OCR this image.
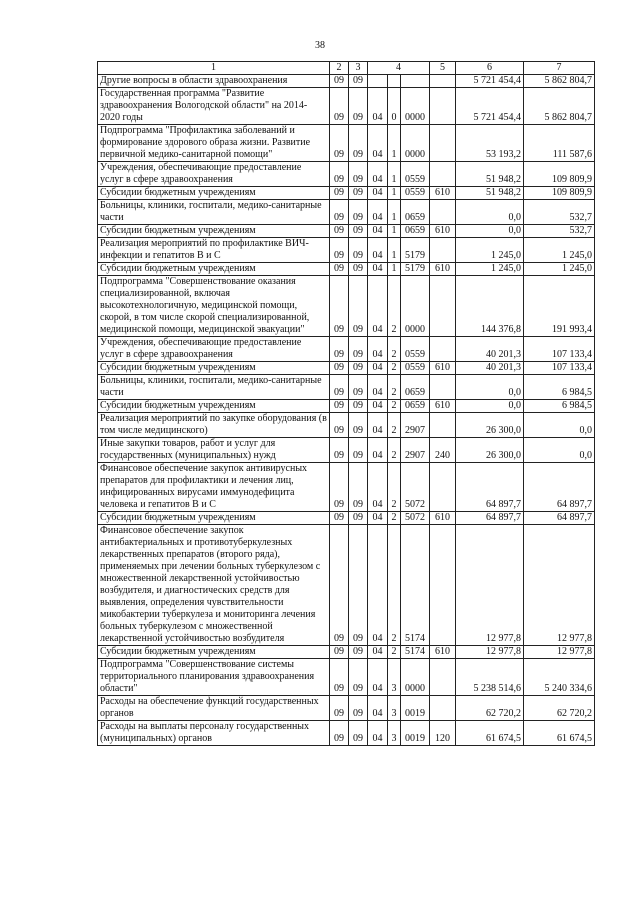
38
1	2	3	4			5	6	7
Другие вопросы в области здравоохранения	09	09					5 721 454,4	5 862 804,7
Государственная программа "Развитие здравоохранения Вологодской области" на 2014-2020 годы	09	09	04	0	0000		5 721 454,4	5 862 804,7
Подпрограмма "Профилактика заболеваний и формирование здорового образа жизни. Развитие первичной медико-санитарной помощи"	09	09	04	1	0000		53 193,2	111 587,6
Учреждения, обеспечивающие предоставление услуг в сфере здравоохранения	09	09	04	1	0559		51 948,2	109 809,9
Субсидии бюджетным учреждениям	09	09	04	1	0559	610	51 948,2	109 809,9
Больницы, клиники, госпитали, медико-санитарные части	09	09	04	1	0659		0,0	532,7
Субсидии бюджетным учреждениям	09	09	04	1	0659	610	0,0	532,7
Реализация мероприятий по профилактике ВИЧ-инфекции и гепатитов В и С	09	09	04	1	5179		1 245,0	1 245,0
Субсидии бюджетным учреждениям	09	09	04	1	5179	610	1 245,0	1 245,0
Подпрограмма "Совершенствование оказания специализированной, включая высокотехнологичную, медицинской помощи, скорой, в том числе скорой специализированной, медицинской помощи, медицинской эвакуации"	09	09	04	2	0000		144 376,8	191 993,4
Учреждения, обеспечивающие предоставление услуг в сфере здравоохранения	09	09	04	2	0559		40 201,3	107 133,4
Субсидии бюджетным учреждениям	09	09	04	2	0559	610	40 201,3	107 133,4
Больницы, клиники, госпитали, медико-санитарные части	09	09	04	2	0659		0,0	6 984,5
Субсидии бюджетным учреждениям	09	09	04	2	0659	610	0,0	6 984,5
Реализация мероприятий по закупке оборудования (в том числе медицинского)	09	09	04	2	2907		26 300,0	0,0
Иные закупки товаров, работ и услуг для государственных (муниципальных) нужд	09	09	04	2	2907	240	26 300,0	0,0
Финансовое обеспечение закупок антивирусных препаратов для профилактики и лечения лиц, инфицированных вирусами иммунодефицита человека и гепатитов В и С	09	09	04	2	5072		64 897,7	64 897,7
Субсидии бюджетным учреждениям	09	09	04	2	5072	610	64 897,7	64 897,7
Финансовое обеспечение закупок антибактериальных и противотуберкулезных лекарственных препаратов (второго ряда), применяемых при лечении больных туберкулезом с множественной лекарственной устойчивостью возбудителя, и диагностических средств для выявления, определения чувствительности микобактерии туберкулеза и мониторинга лечения больных туберкулезом с множественной лекарственной устойчивостью возбудителя	09	09	04	2	5174		12 977,8	12 977,8
Субсидии бюджетным учреждениям	09	09	04	2	5174	610	12 977,8	12 977,8
Подпрограмма "Совершенствование системы территориального планирования здравоохранения области"	09	09	04	3	0000		5 238 514,6	5 240 334,6
Расходы на обеспечение функций государственных органов	09	09	04	3	0019		62 720,2	62 720,2
Расходы на выплаты персоналу государственных (муниципальных) органов	09	09	04	3	0019	120	61 674,5	61 674,5
